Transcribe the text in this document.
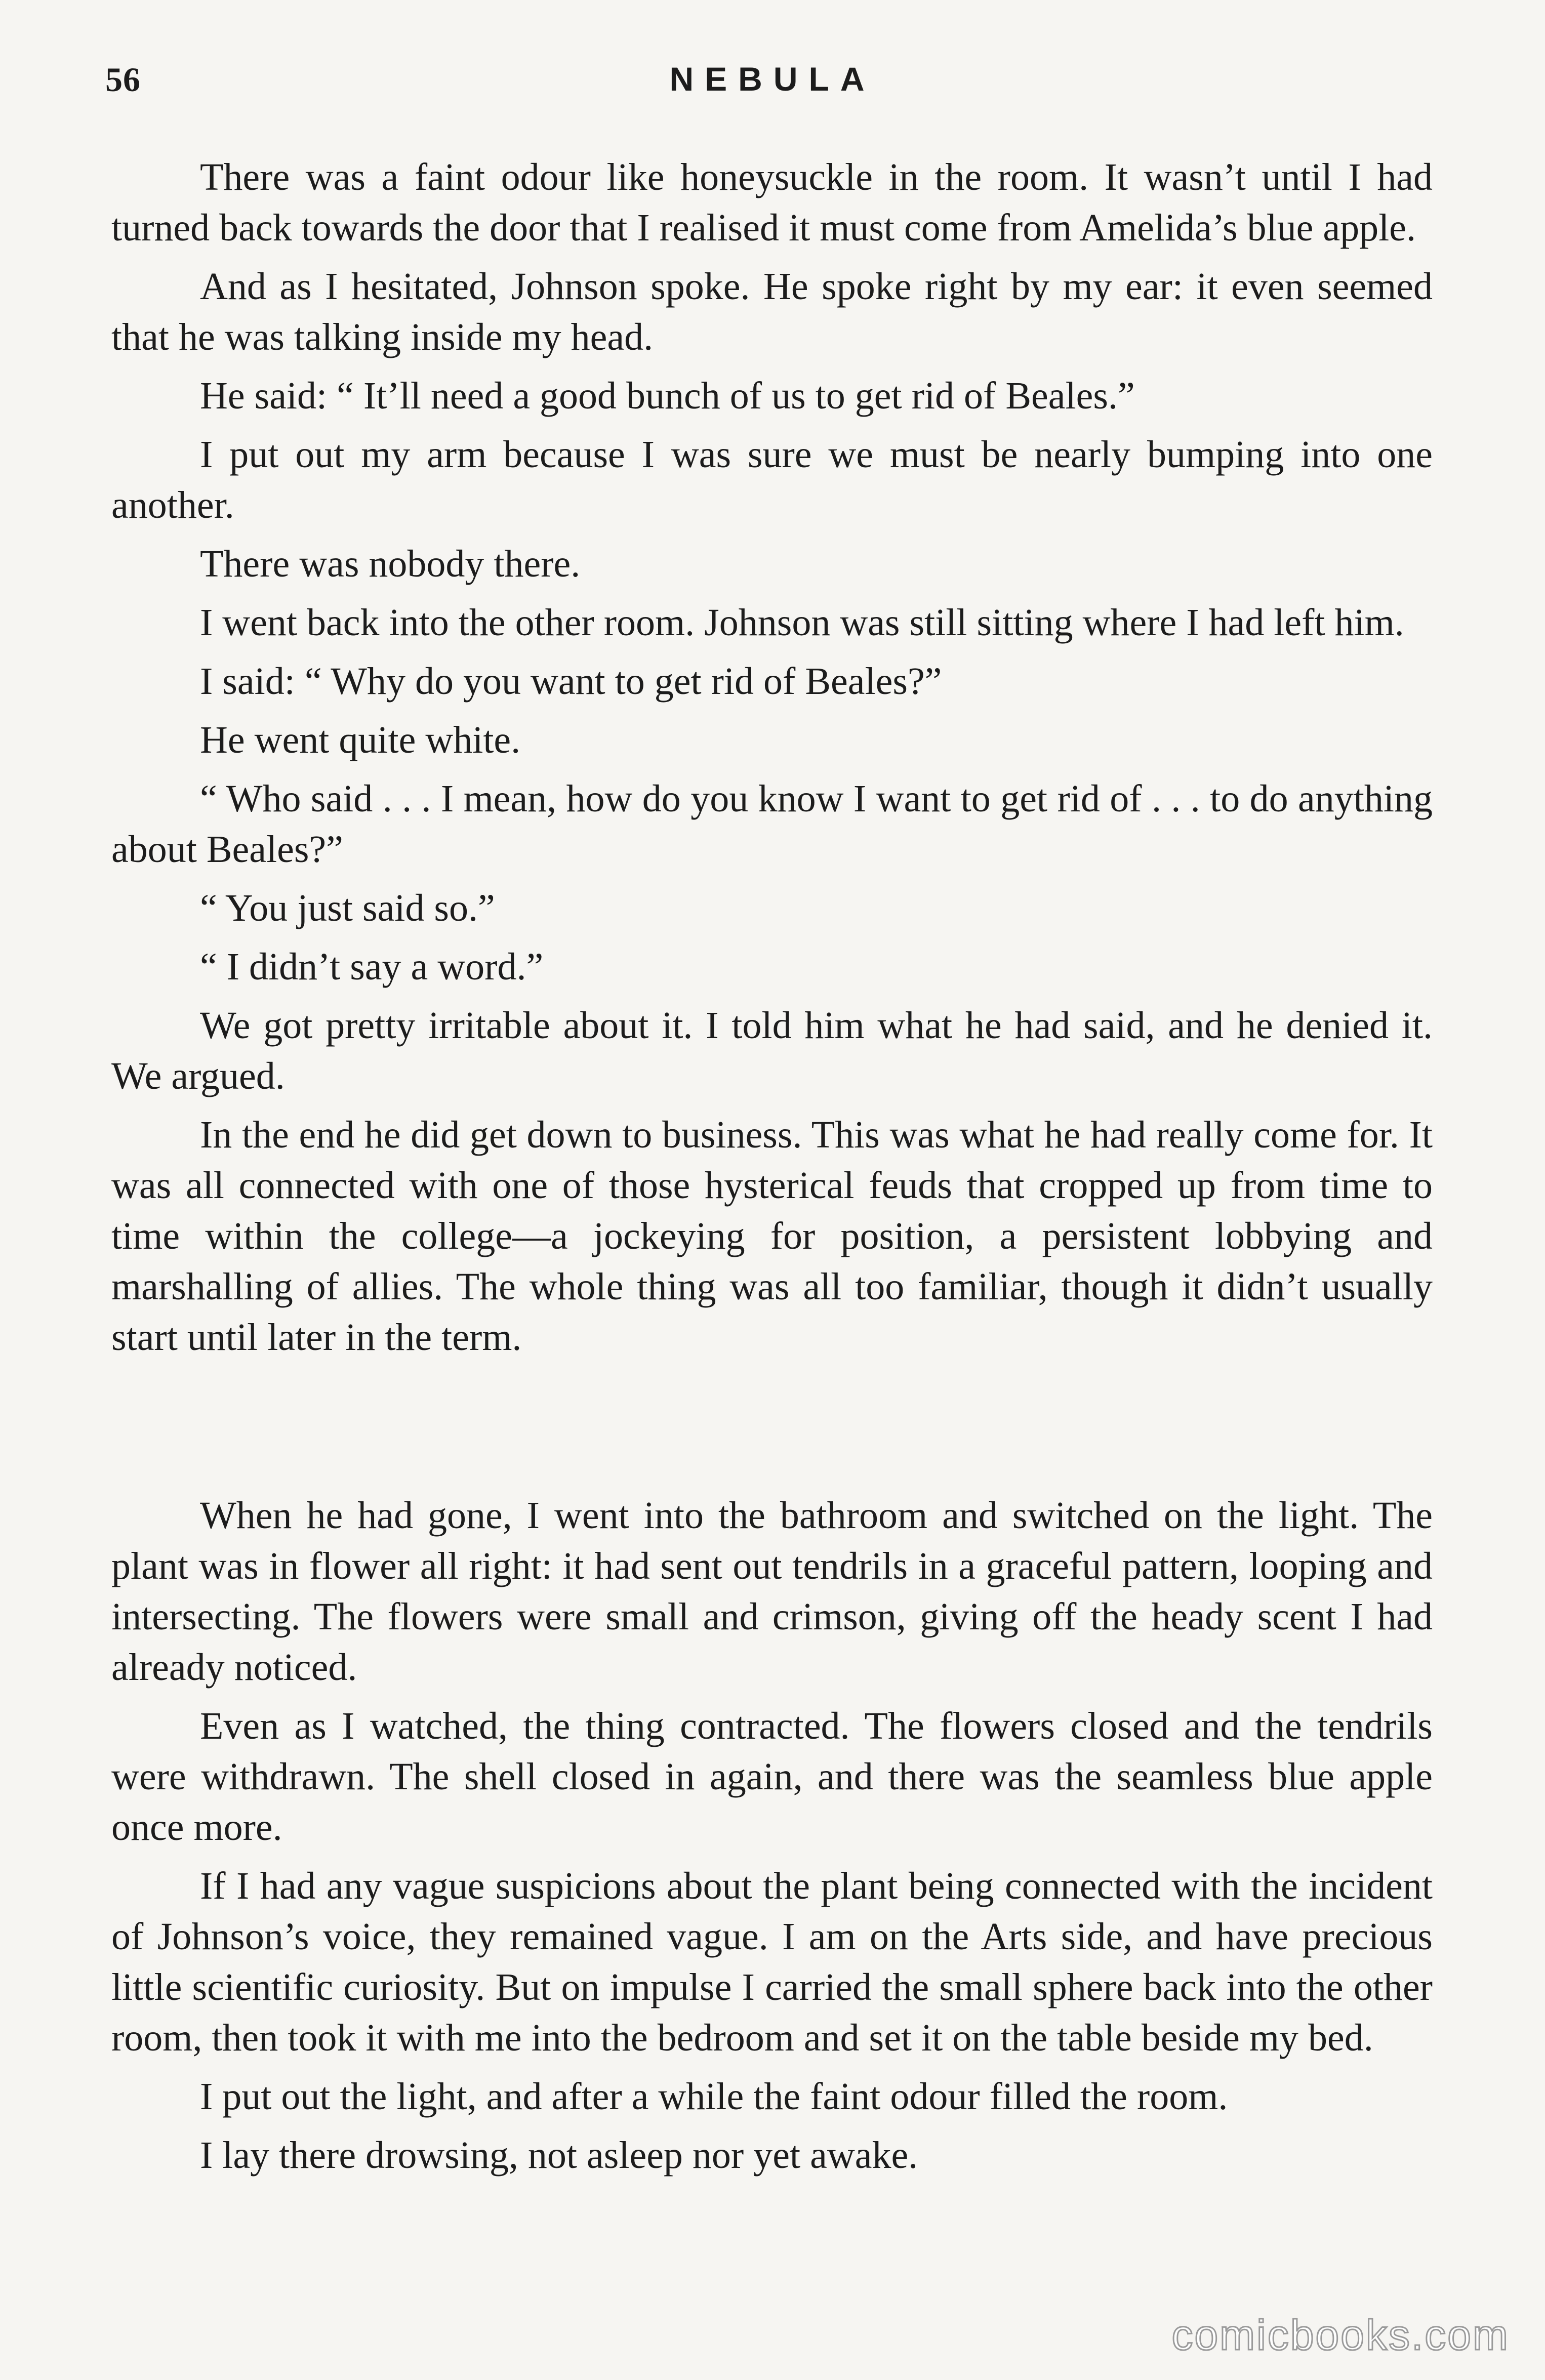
56	NEBULA

There was a faint odour like honeysuckle in the room. It wasn’t until I had turned back towards the door that I realised it must come from Amelida’s blue apple.

And as I hesitated, Johnson spoke. He spoke right by my ear: it even seemed that he was talking inside my head.

He said: “ It’ll need a good bunch of us to get rid of Beales.”

I put out my arm because I was sure we must be nearly bumping into one another.

There was nobody there.

I went back into the other room. Johnson was still sitting where I had left him.

I said: “ Why do you want to get rid of Beales?”

He went quite white.

“ Who said . . . I mean, how do you know I want to get rid of . . . to do anything about Beales?”

“ You just said so.”

“ I didn’t say a word.”

We got pretty irritable about it. I told him what he had said, and he denied it. We argued.

In the end he did get down to business. This was what he had really come for. It was all connected with one of those hysterical feuds that cropped up from time to time within the college—a jockeying for position, a persistent lobbying and marshalling of allies. The whole thing was all too familiar, though it didn’t usually start until later in the term.

When he had gone, I went into the bathroom and switched on the light. The plant was in flower all right: it had sent out tendrils in a graceful pattern, looping and intersecting. The flowers were small and crimson, giving off the heady scent I had already noticed.

Even as I watched, the thing contracted. The flowers closed and the tendrils were withdrawn. The shell closed in again, and there was the seamless blue apple once more.

If I had any vague suspicions about the plant being connected with the incident of Johnson’s voice, they remained vague. I am on the Arts side, and have precious little scientific curiosity. But on impulse I carried the small sphere back into the other room, then took it with me into the bedroom and set it on the table beside my bed.

I put out the light, and after a while the faint odour filled the room.

I lay there drowsing, not asleep nor yet awake.

comicbooks.com
